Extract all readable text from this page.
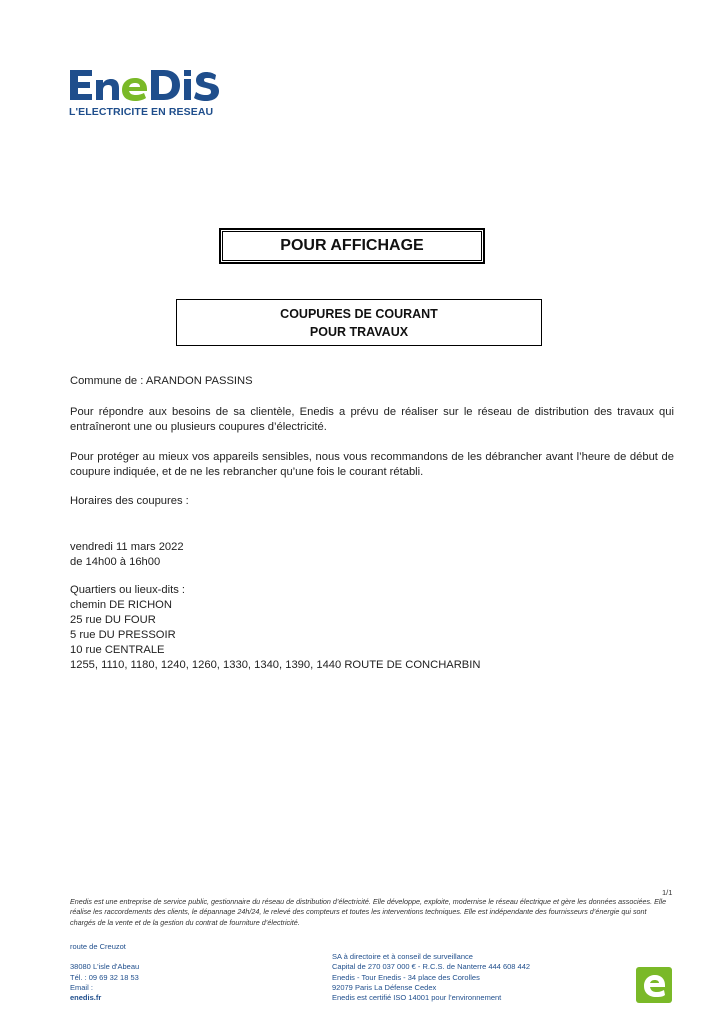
L'ELECTRICITE EN RESEAU
POUR AFFICHAGE
COUPURES DE COURANT
POUR TRAVAUX
Commune de : ARANDON PASSINS
Pour répondre aux besoins de sa clientèle, Enedis a prévu de réaliser sur le réseau de distribution des travaux qui entraîneront une ou plusieurs coupures d’électricité.
Pour protéger au mieux vos appareils sensibles, nous vous recommandons de les débrancher avant l’heure de début de coupure indiquée, et de ne les rebrancher qu’une fois le courant rétabli.
Horaires des coupures :

vendredi 11 mars 2022

de 14h00 à 16h00

Quartiers ou lieux-dits :

chemin DE RICHON

25 rue DU FOUR

5 rue DU PRESSOIR

10 rue CENTRALE

1255, 1110, 1180, 1240, 1260, 1330, 1340, 1390, 1440 ROUTE DE CONCHARBIN

1/1
Enedis est une entreprise de service public, gestionnaire du réseau de distribution d’électricité. Elle développe, exploite, modernise le réseau électrique et gère les données associées. Elle réalise les raccordements des clients, le dépannage 24h/24, le relevé des compteurs et toutes les interventions techniques. Elle est indépendante des fournisseurs d’énergie qui sont chargés de la vente et de la gestion du contrat de fourniture d’électricité.
route de Creuzot
38080 L'isle d'Abeau
Tél. : 09 69 32 18 53
Email :
enedis.fr
SA à directoire et à conseil de surveillance
Capital de 270 037 000 € - R.C.S. de Nanterre 444 608 442
Enedis - Tour Enedis - 34 place des Corolles
92079 Paris La Défense Cedex
Enedis est certifié ISO 14001 pour l’environnement
